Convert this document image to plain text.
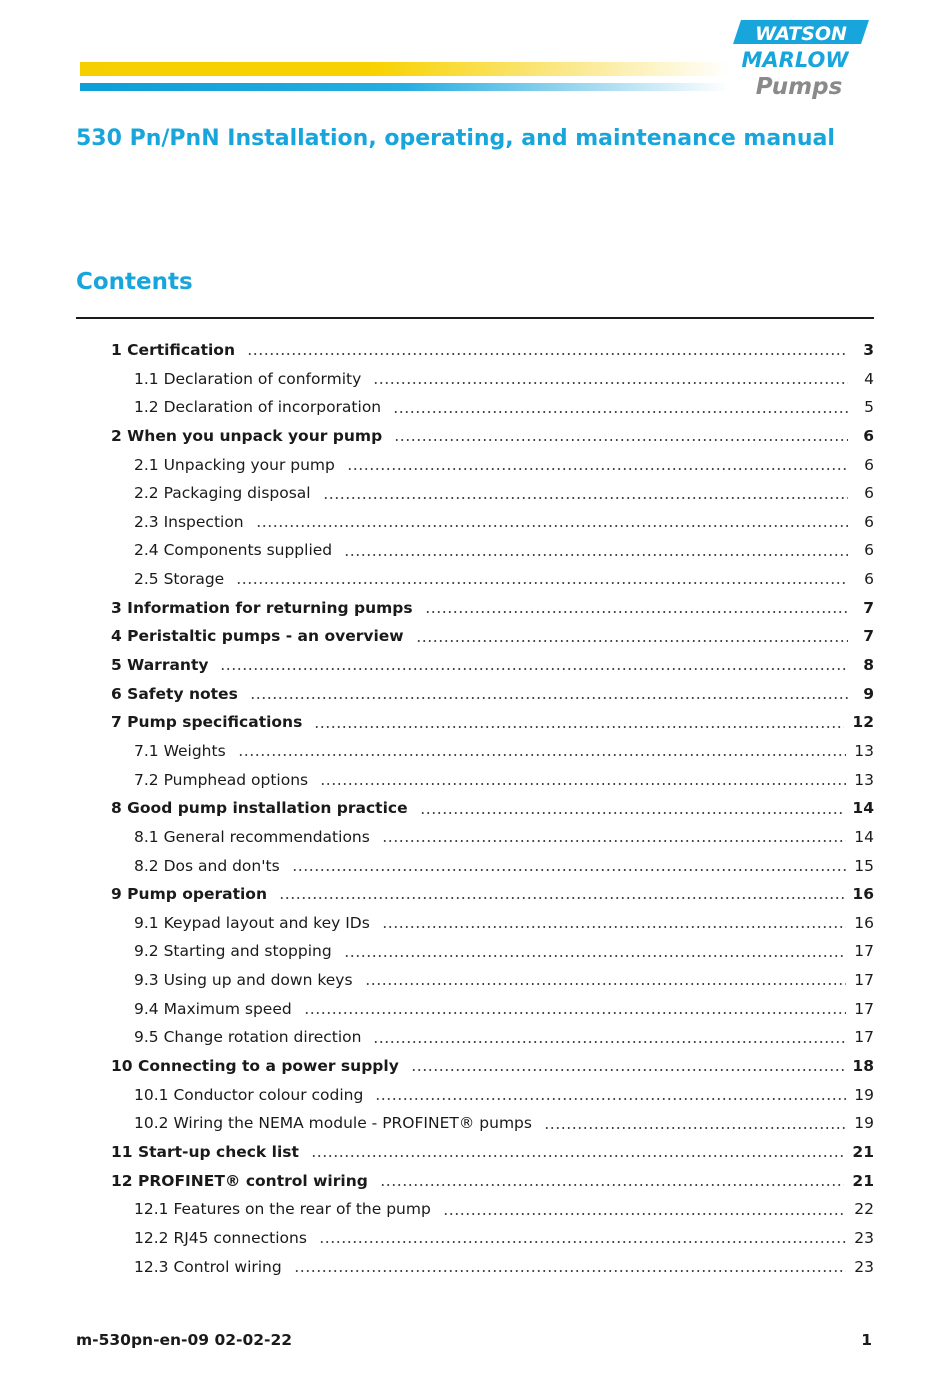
WATSON
MARLOW
Pumps
530 Pn/PnN Installation, operating, and maintenance manual
Contents
1 Certification	3
1.1 Declaration of conformity	4
1.2 Declaration of incorporation	5
2 When you unpack your pump	6
2.1 Unpacking your pump	6
2.2 Packaging disposal	6
2.3 Inspection	6
2.4 Components supplied	6
2.5 Storage	6
3 Information for returning pumps	7
4 Peristaltic pumps - an overview	7
5 Warranty	8
6 Safety notes	9
7 Pump specifications	12
7.1 Weights	13
7.2 Pumphead options	13
8 Good pump installation practice	14
8.1 General recommendations	14
8.2 Dos and don'ts	15
9 Pump operation	16
9.1 Keypad layout and key IDs	16
9.2 Starting and stopping	17
9.3 Using up and down keys	17
9.4 Maximum speed	17
9.5 Change rotation direction	17
10 Connecting to a power supply	18
10.1 Conductor colour coding	19
10.2 Wiring the NEMA module - PROFINET® pumps	19
11 Start-up check list	21
12 PROFINET® control wiring	21
12.1 Features on the rear of the pump	22
12.2 RJ45 connections	23
12.3 Control wiring	23
m-530pn-en-09 02-02-22	1
